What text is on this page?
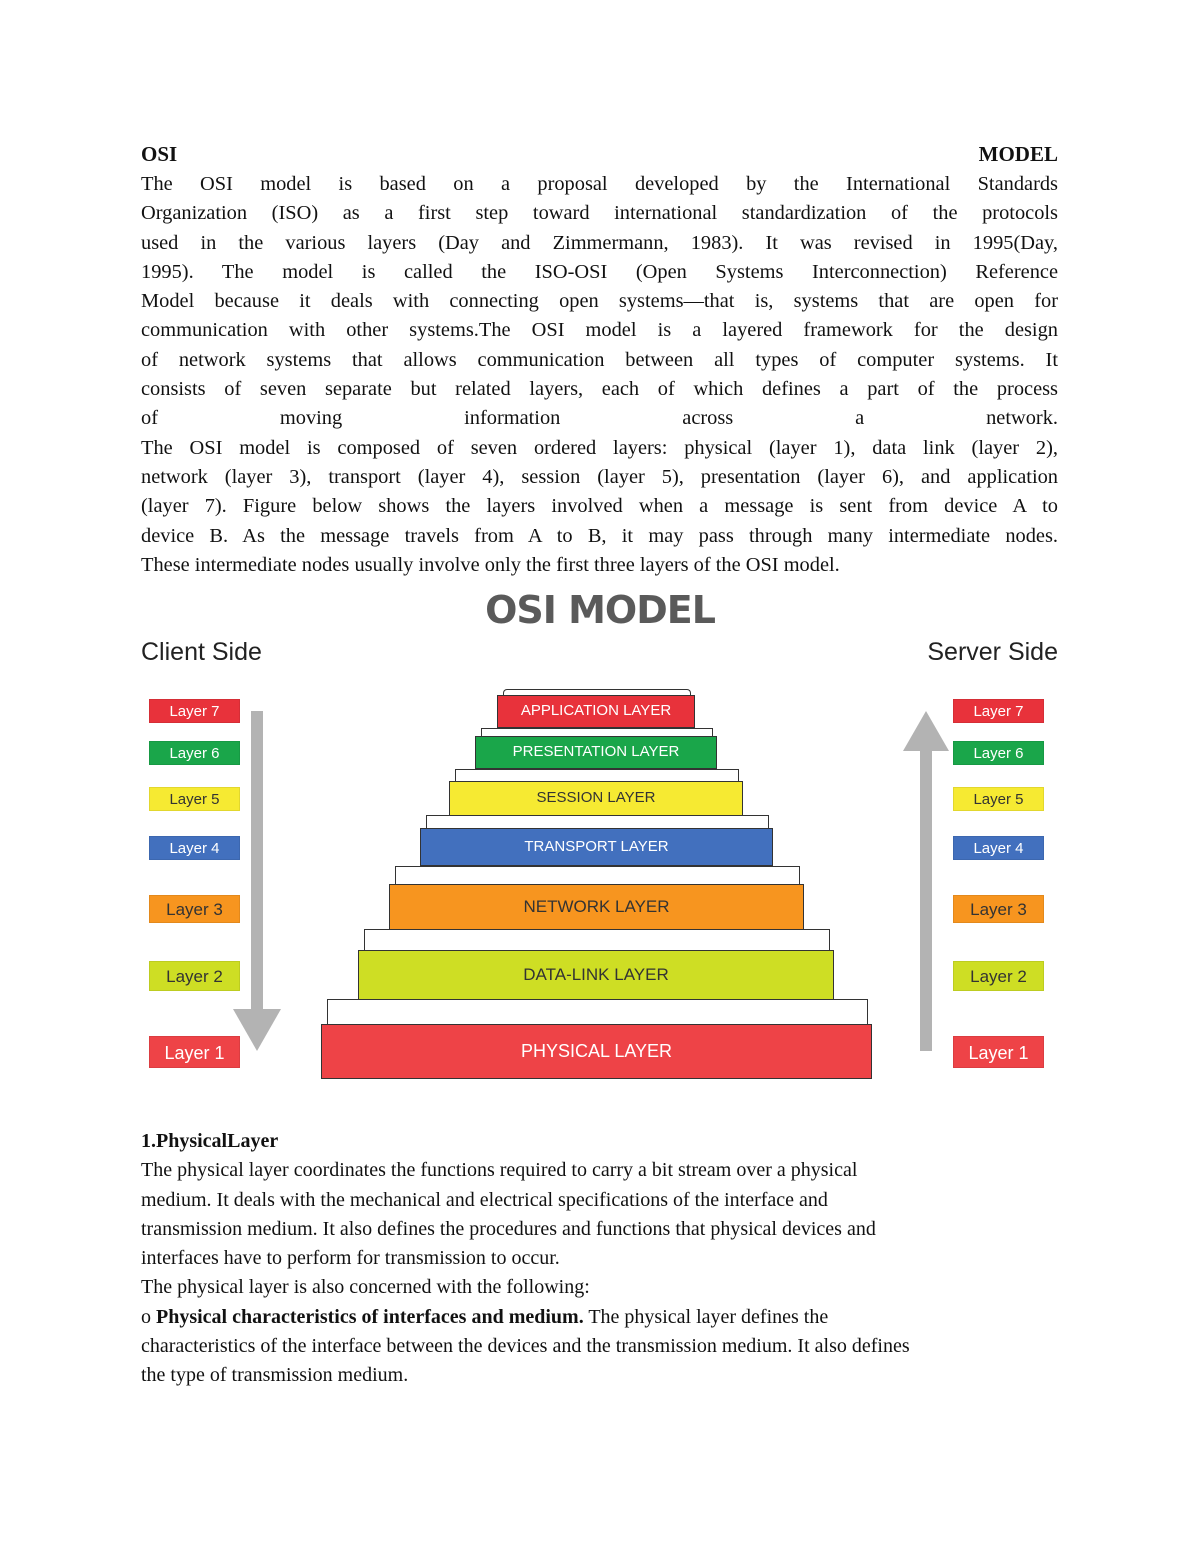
OSI	MODEL

The OSI model is based on a proposal developed by the International Standards

Organization (ISO) as a first step toward international standardization of the protocols

used in the various layers (Day and Zimmermann, 1983). It was revised in 1995(Day,

1995). The model is called the ISO-OSI (Open Systems Interconnection) Reference

Model because it deals with connecting open systems—that is, systems that are open for

communication with other systems.The OSI model is a layered framework for the design

of network systems that allows communication between all types of computer systems. It

consists of seven separate but related layers, each of which defines a part of the process

of moving information across a network.

The OSI model is composed of seven ordered layers: physical (layer 1), data link (layer 2),

network (layer 3), transport (layer 4), session (layer 5), presentation (layer 6), and application

(layer 7). Figure below shows the layers involved when a message is sent from device A to

device B. As the message travels from A to B, it may pass through many intermediate nodes.

These intermediate nodes usually involve only the first three layers of the OSI model.

OSI MODEL
Client Side	Server Side
APPLICATION LAYER
Layer 7	Layer 7
PRESENTATION LAYER
Layer 6	Layer 6
SESSION LAYER
Layer 5	Layer 5
TRANSPORT LAYER
Layer 4	Layer 4
NETWORK LAYER
Layer 3	Layer 3
DATA-LINK LAYER
Layer 2	Layer 2
PHYSICAL LAYER
Layer 1	Layer 1

1.PhysicalLayer

The physical layer coordinates the functions required to carry a bit stream over a physical

medium. It deals with the mechanical and electrical specifications of the interface and

transmission medium. It also defines the procedures and functions that physical devices and

interfaces have to perform for transmission to occur.

The physical layer is also concerned with the following:

o Physical characteristics of interfaces and medium. The physical layer defines the

characteristics of the interface between the devices and the transmission medium. It also defines

the type of transmission medium.
